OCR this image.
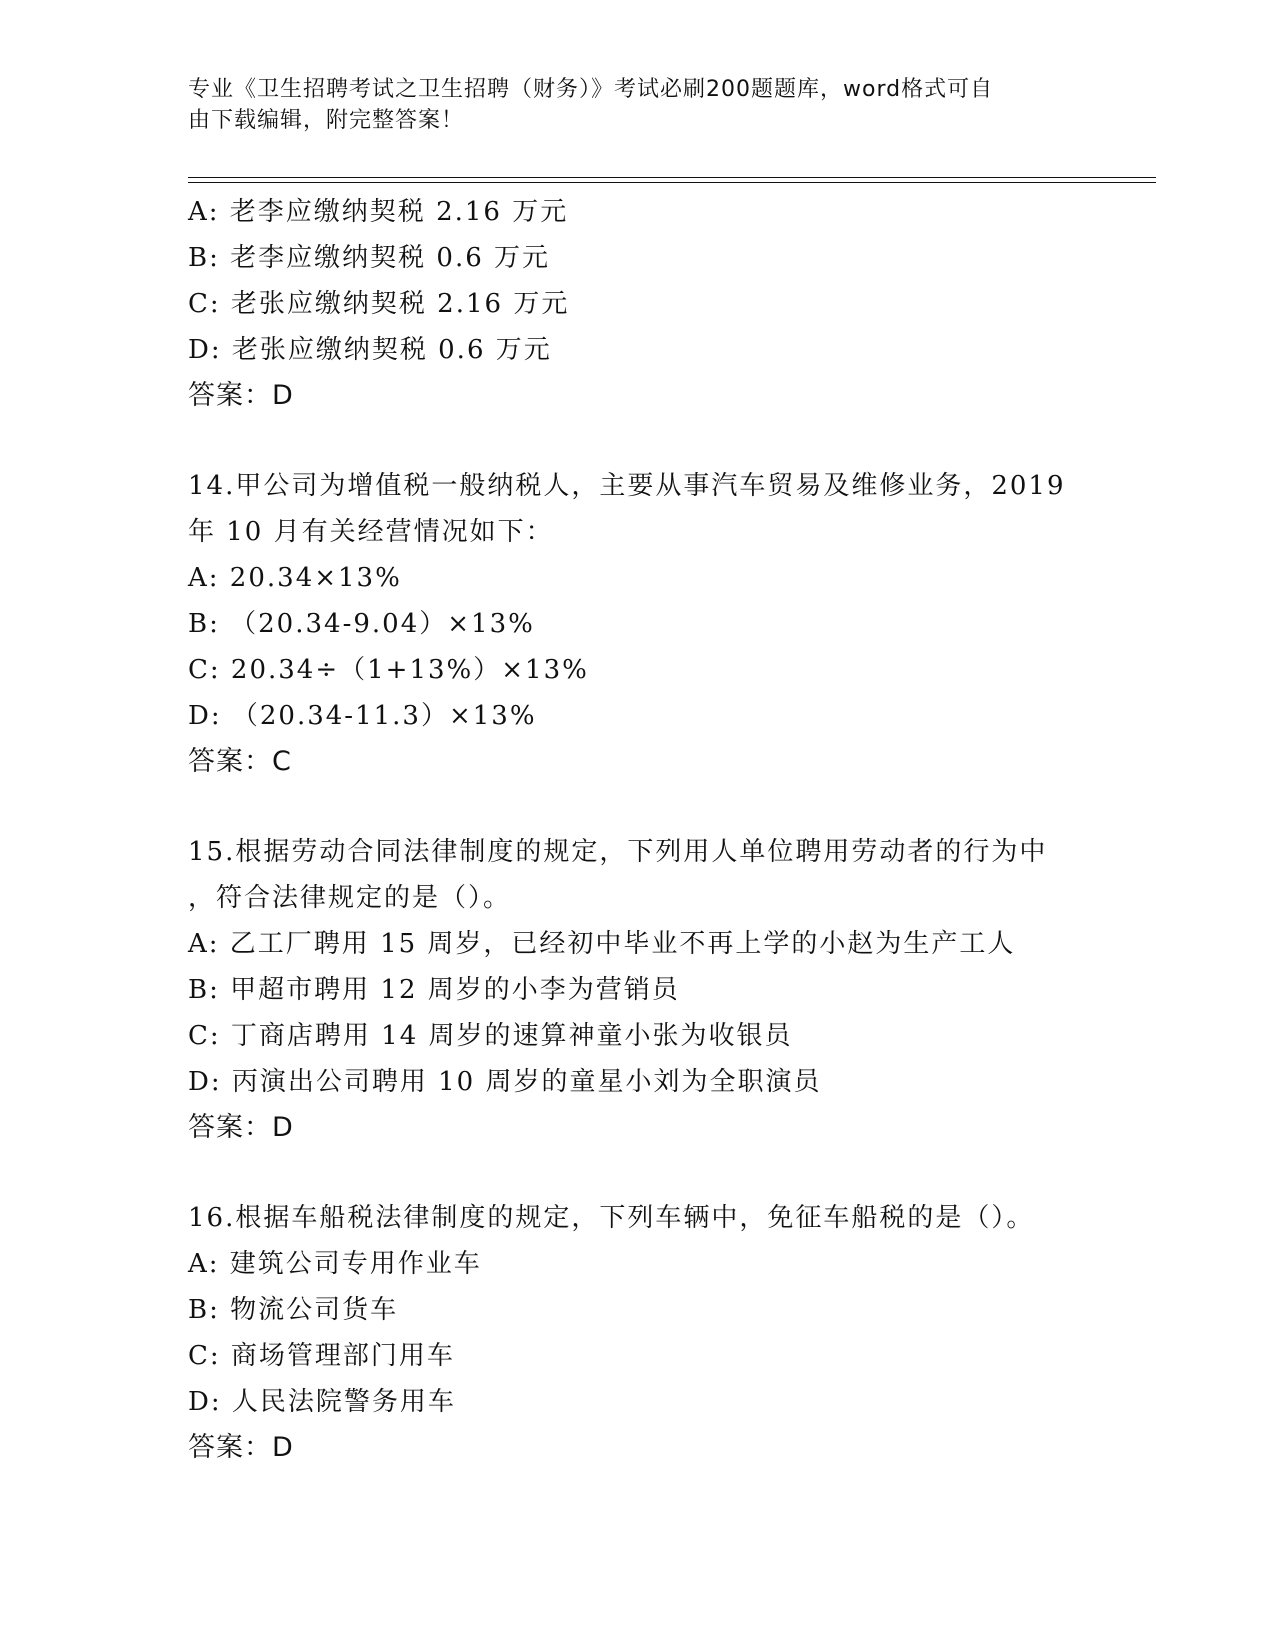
专业《卫生招聘考试之卫生招聘（财务）》考试必刷200题题库，word格式可自
由下载编辑，附完整答案！
A: 老李应缴纳契税 2.16 万元
B: 老李应缴纳契税 0.6 万元
C: 老张应缴纳契税 2.16 万元
D: 老张应缴纳契税 0.6 万元
答案：D
14.甲公司为增值税一般纳税人，主要从事汽车贸易及维修业务，2019
年 10 月有关经营情况如下：
A: 20.34×13%
B: （20.34-9.04）×13%
C: 20.34÷（1+13%）×13%
D: （20.34-11.3）×13%
答案：C
15.根据劳动合同法律制度的规定，下列用人单位聘用劳动者的行为中
，符合法律规定的是（）。
A: 乙工厂聘用 15 周岁，已经初中毕业不再上学的小赵为生产工人
B: 甲超市聘用 12 周岁的小李为营销员
C: 丁商店聘用 14 周岁的速算神童小张为收银员
D: 丙演出公司聘用 10 周岁的童星小刘为全职演员
答案：D
16.根据车船税法律制度的规定，下列车辆中，免征车船税的是（）。
A: 建筑公司专用作业车
B: 物流公司货车
C: 商场管理部门用车
D: 人民法院警务用车
答案：D
